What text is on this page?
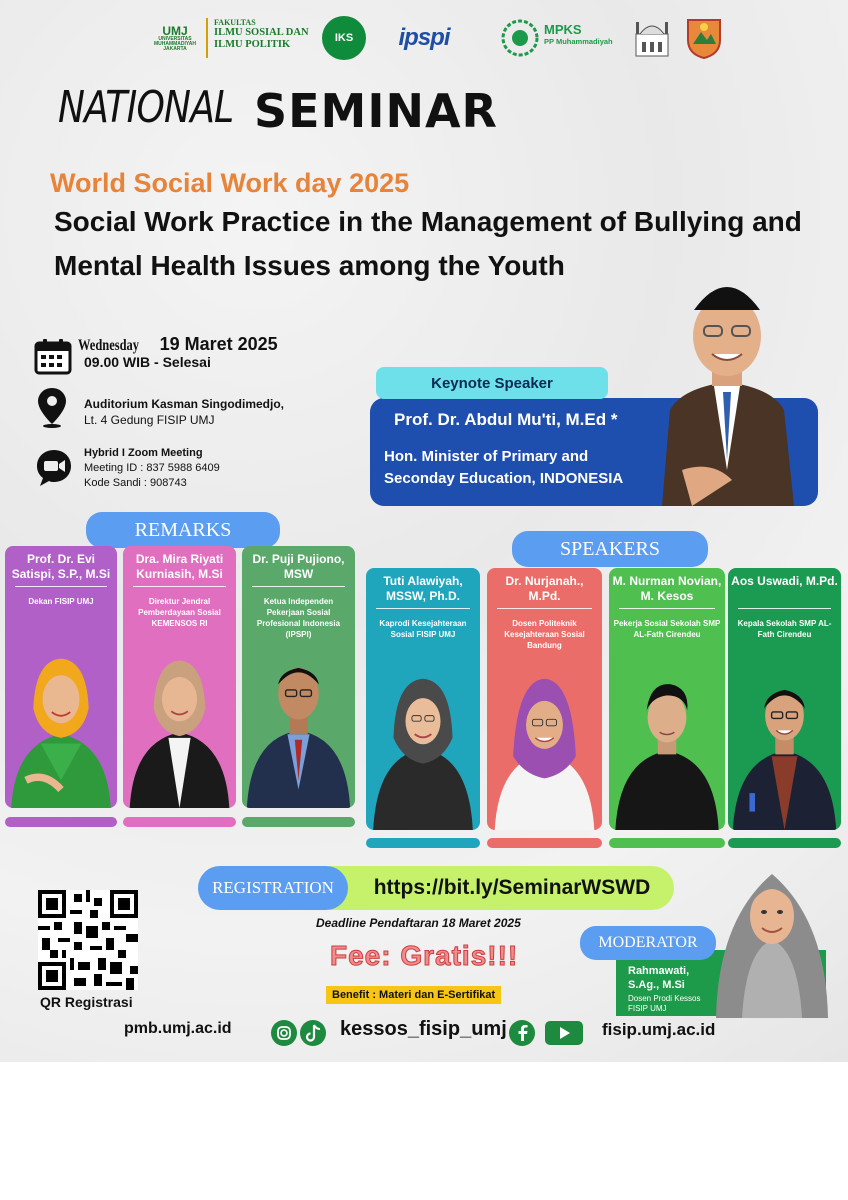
UMJ
UNIVERSITAS MUHAMMADIYAH JAKARTA
FAKULTAS
ILMU SOSIAL DAN ILMU POLITIK
IKS ipspi	MPKS
PP Muhammadiyah
NATIONAL SEMINAR
World Social Work day 2025
Social Work Practice in the Management of Bullying and Mental Health Issues among the Youth
Wednesday 19 Maret 2025
09.00 WIB - Selesai
Auditorium Kasman Singodimedjo,
Lt. 4 Gedung FISIP UMJ
Hybrid I Zoom Meeting
Meeting ID : 837 5988 6409
Kode Sandi : 908743
Keynote Speaker
Prof. Dr. Abdul Mu'ti, M.Ed *
Hon. Minister of Primary and
Seconday Education, INDONESIA
REMARKS
Prof. Dr. Evi Satispi, S.P., M.Si
Dekan FISIP UMJ
Dra. Mira Riyati Kurniasih, M.Si
Direktur Jendral Pemberdayaan Sosial KEMENSOS RI
Dr. Puji Pujiono, MSW
Ketua Independen Pekerjaan Sosial Profesional Indonesia (IPSPI)
SPEAKERS
Tuti Alawiyah, MSSW, Ph.D.
Kaprodi Kesejahteraan Sosial FISIP UMJ
Dr. Nurjanah., M.Pd.
Dosen Politeknik Kesejahteraan Sosial Bandung
M. Nurman Novian, M. Kesos
Pekerja Sosial Sekolah SMP AL-Fath Cirendeu
Aos Uswadi, M.Pd.
Kepala Sekolah SMP AL-Fath Cirendeu
REGISTRATION	https://bit.ly/SeminarWSWD
Deadline Pendaftaran 18 Maret 2025
Fee: Gratis!!!
Benefit : Materi dan E-Sertifikat
QR Registrasi
MODERATOR
Rahmawati,
S.Ag., M.Si
Dosen Prodi Kessos
FISIP UMJ
pmb.umj.ac.id	kessos_fisip_umj	fisip.umj.ac.id
